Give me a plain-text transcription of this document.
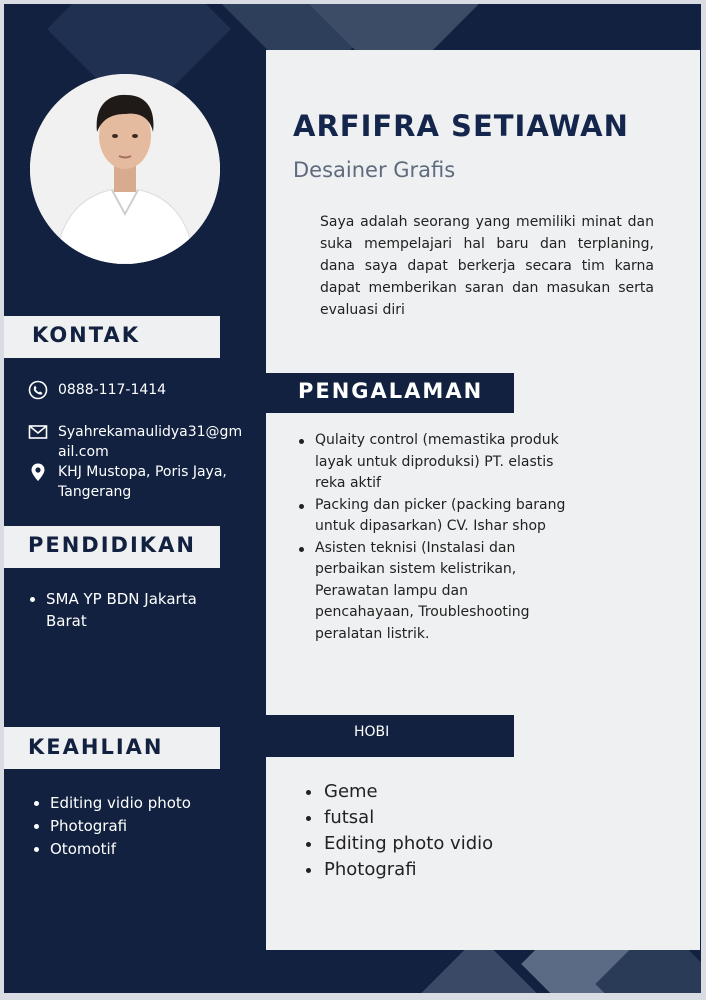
ARFIFRA SETIAWAN
Desainer Grafis
Saya adalah seorang yang memiliki minat dan suka mempelajari hal baru dan terplaning, dana saya dapat berkerja secara tim karna dapat memberikan saran dan masukan serta evaluasi diri
KONTAK
0888-117-1414
Syahrekamaulidya31@gmail.com
KHJ Mustopa, Poris Jaya, Tangerang
PENDIDIKAN
SMA YP BDN Jakarta Barat
KEAHLIAN
Editing vidio photo
Photografi
Otomotif
PENGALAMAN
Qulaity control (memastika produk layak untuk diproduksi) PT. elastis reka aktif
Packing dan picker (packing barang untuk dipasarkan) CV. Ishar shop
Asisten teknisi (Instalasi dan perbaikan sistem kelistrikan, Perawatan lampu dan pencahayaan, Troubleshooting peralatan listrik.
HOBI
Geme
futsal
Editing photo vidio
Photografi
